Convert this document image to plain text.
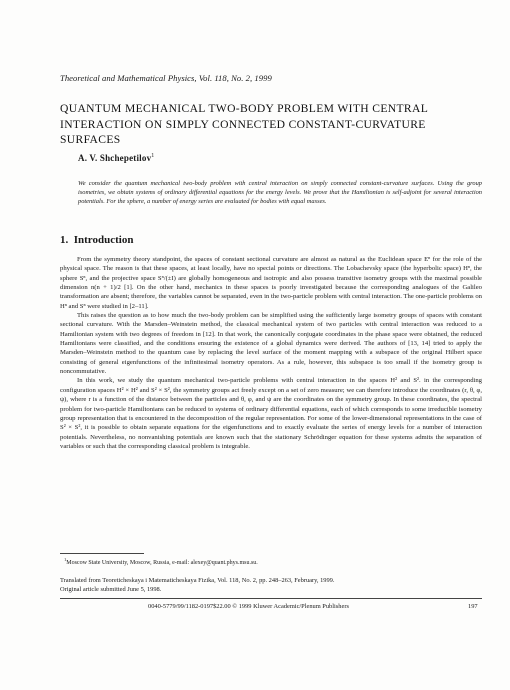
Theoretical and Mathematical Physics, Vol. 118, No. 2, 1999
QUANTUM MECHANICAL TWO-BODY PROBLEM WITH CENTRAL INTERACTION ON SIMPLY CONNECTED CONSTANT-CURVATURE SURFACES
A. V. Shchepetilov$^1$

We consider the quantum mechanical two-body problem with central interaction on simply connected constant-curvature surfaces. Using the group isometries, we obtain systems of ordinary differential equations for the energy levels. We prove that the Hamiltonian is self-adjoint for several interaction potentials. For the sphere, a number of energy series are evaluated for bodies with equal masses.

1. Introduction

From the symmetry theory standpoint, the spaces of constant sectional curvature are almost as natural as the Euclidean space Eⁿ for the role of the physical space. The reason is that these spaces, at least locally, have no special points or directions. The Lobachevsky space (the hyperbolic space) Hⁿ, the sphere Sⁿ, and the projective space Sⁿ/(±I) are globally homogeneous and isotropic and also possess transitive isometry groups with the maximal possible dimension n(n + 1)/2 [1]. On the other hand, mechanics in these spaces is poorly investigated because the corresponding analogues of the Galileo transformation are absent; therefore, the variables cannot be separated, even in the two-particle problem with central interaction. The one-particle problems on Hⁿ and Sⁿ were studied in [2–11].

This raises the question as to how much the two-body problem can be simplified using the sufficiently large isometry groups of spaces with constant sectional curvature. With the Marsden–Weinstein method, the classical mechanical system of two particles with central interaction was reduced to a Hamiltonian system with two degrees of freedom in [12]. In that work, the canonically conjugate coordinates in the phase space were obtained, the reduced Hamiltonians were classified, and the conditions ensuring the existence of a global dynamics were derived. The authors of [13, 14] tried to apply the Marsden–Weinstein method to the quantum case by replacing the level surface of the moment mapping with a subspace of the original Hilbert space consisting of general eigenfunctions of the infinitesimal isometry operators. As a rule, however, this subspace is too small if the isometry group is noncommutative.

In this work, we study the quantum mechanical two-particle problems with central interaction in the spaces H² and S². in the corresponding configuration spaces H² × H² and S² × S², the symmetry groups act freely except on a set of zero measure; we can therefore introduce the coordinates (r, θ, φ, ψ), where r is a function of the distance between the particles and θ, φ, and ψ are the coordinates on the symmetry group. In these coordinates, the spectral problem for two-particle Hamiltonians can be reduced to systems of ordinary differential equations, each of which corresponds to some irreducible isometry group representation that is encountered in the decomposition of the regular representation. For some of the lower-dimensional representations in the case of S² × S², it is possible to obtain separate equations for the eigenfunctions and to exactly evaluate the series of energy levels for a number of interaction potentials. Nevertheless, no nonvanishing potentials are known such that the stationary Schrödinger equation for these systems admits the separation of variables or such that the corresponding classical problem is integrable.

$^1$Moscow State University, Moscow, Russia, e-mail: alexey@quant.phys.msu.su.
Translated from Teoreticheskaya i Matematicheskaya Fizika, Vol. 118, No. 2, pp. 248–263, February, 1999.
Original article submitted June 5, 1998.
0040-5779/99/1182-0197$22.00 © 1999 Kluwer Academic/Plenum Publishers	197
